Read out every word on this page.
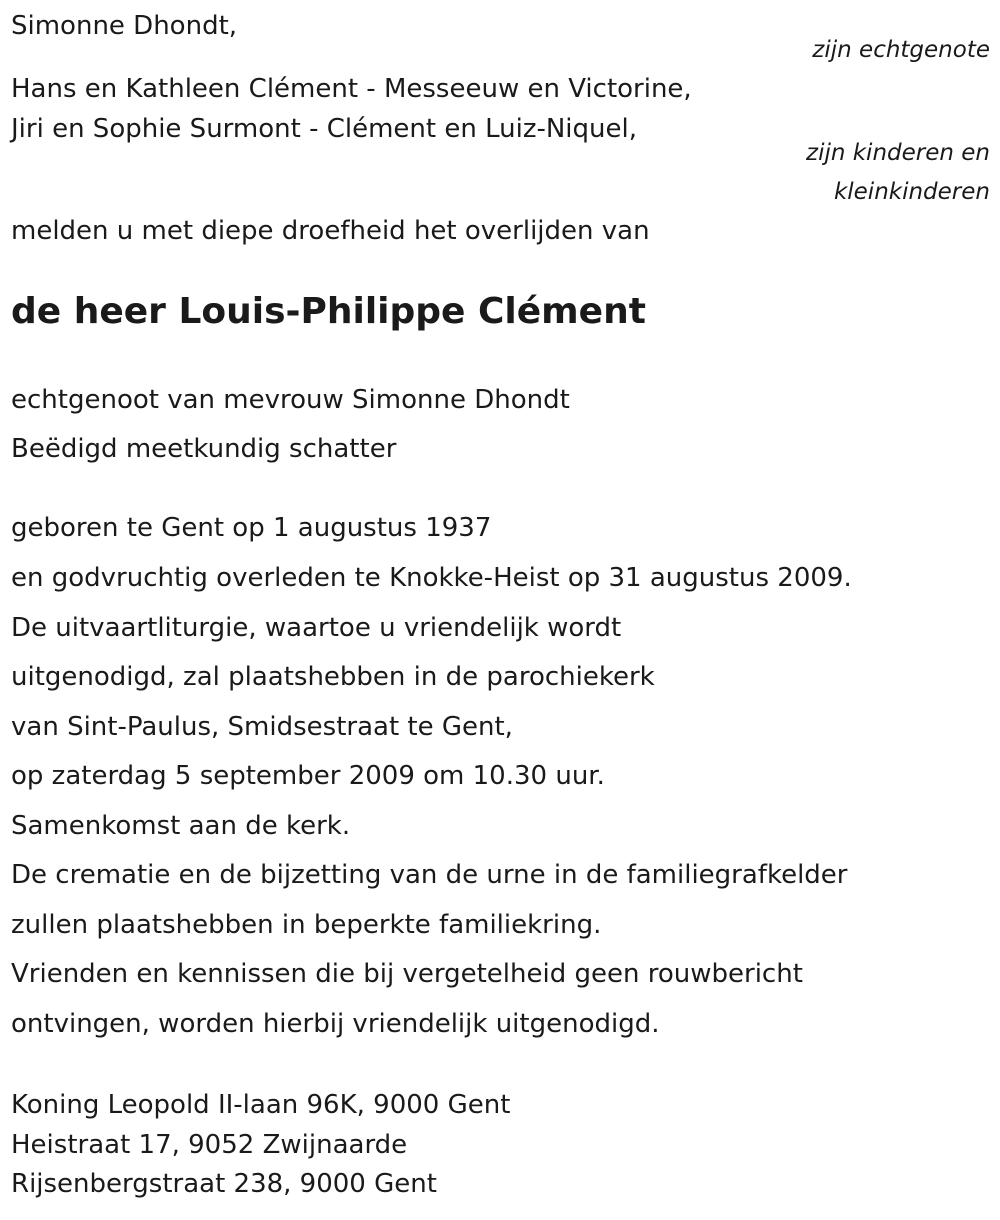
Simonne Dhondt,
zijn echtgenote
Hans en Kathleen Clément - Messeeuw en Victorine,
Jiri en Sophie Surmont - Clément en Luiz-Niquel,
zijn kinderen en
kleinkinderen
melden u met diepe droefheid het overlijden van
de heer Louis-Philippe Clément
echtgenoot van mevrouw Simonne Dhondt
Beëdigd meetkundig schatter
geboren te Gent op 1 augustus 1937
en godvruchtig overleden te Knokke-Heist op 31 augustus 2009.
De uitvaartliturgie, waartoe u vriendelijk wordt
uitgenodigd, zal plaatshebben in de parochiekerk
van Sint-Paulus, Smidsestraat te Gent,
op zaterdag 5 september 2009 om 10.30 uur.
Samenkomst aan de kerk.
De crematie en de bijzetting van de urne in de familiegrafkelder
zullen plaatshebben in beperkte familiekring.
Vrienden en kennissen die bij vergetelheid geen rouwbericht
ontvingen, worden hierbij vriendelijk uitgenodigd.
Koning Leopold II-laan 96K, 9000 Gent
Heistraat 17, 9052 Zwijnaarde
Rijsenbergstraat 238, 9000 Gent
